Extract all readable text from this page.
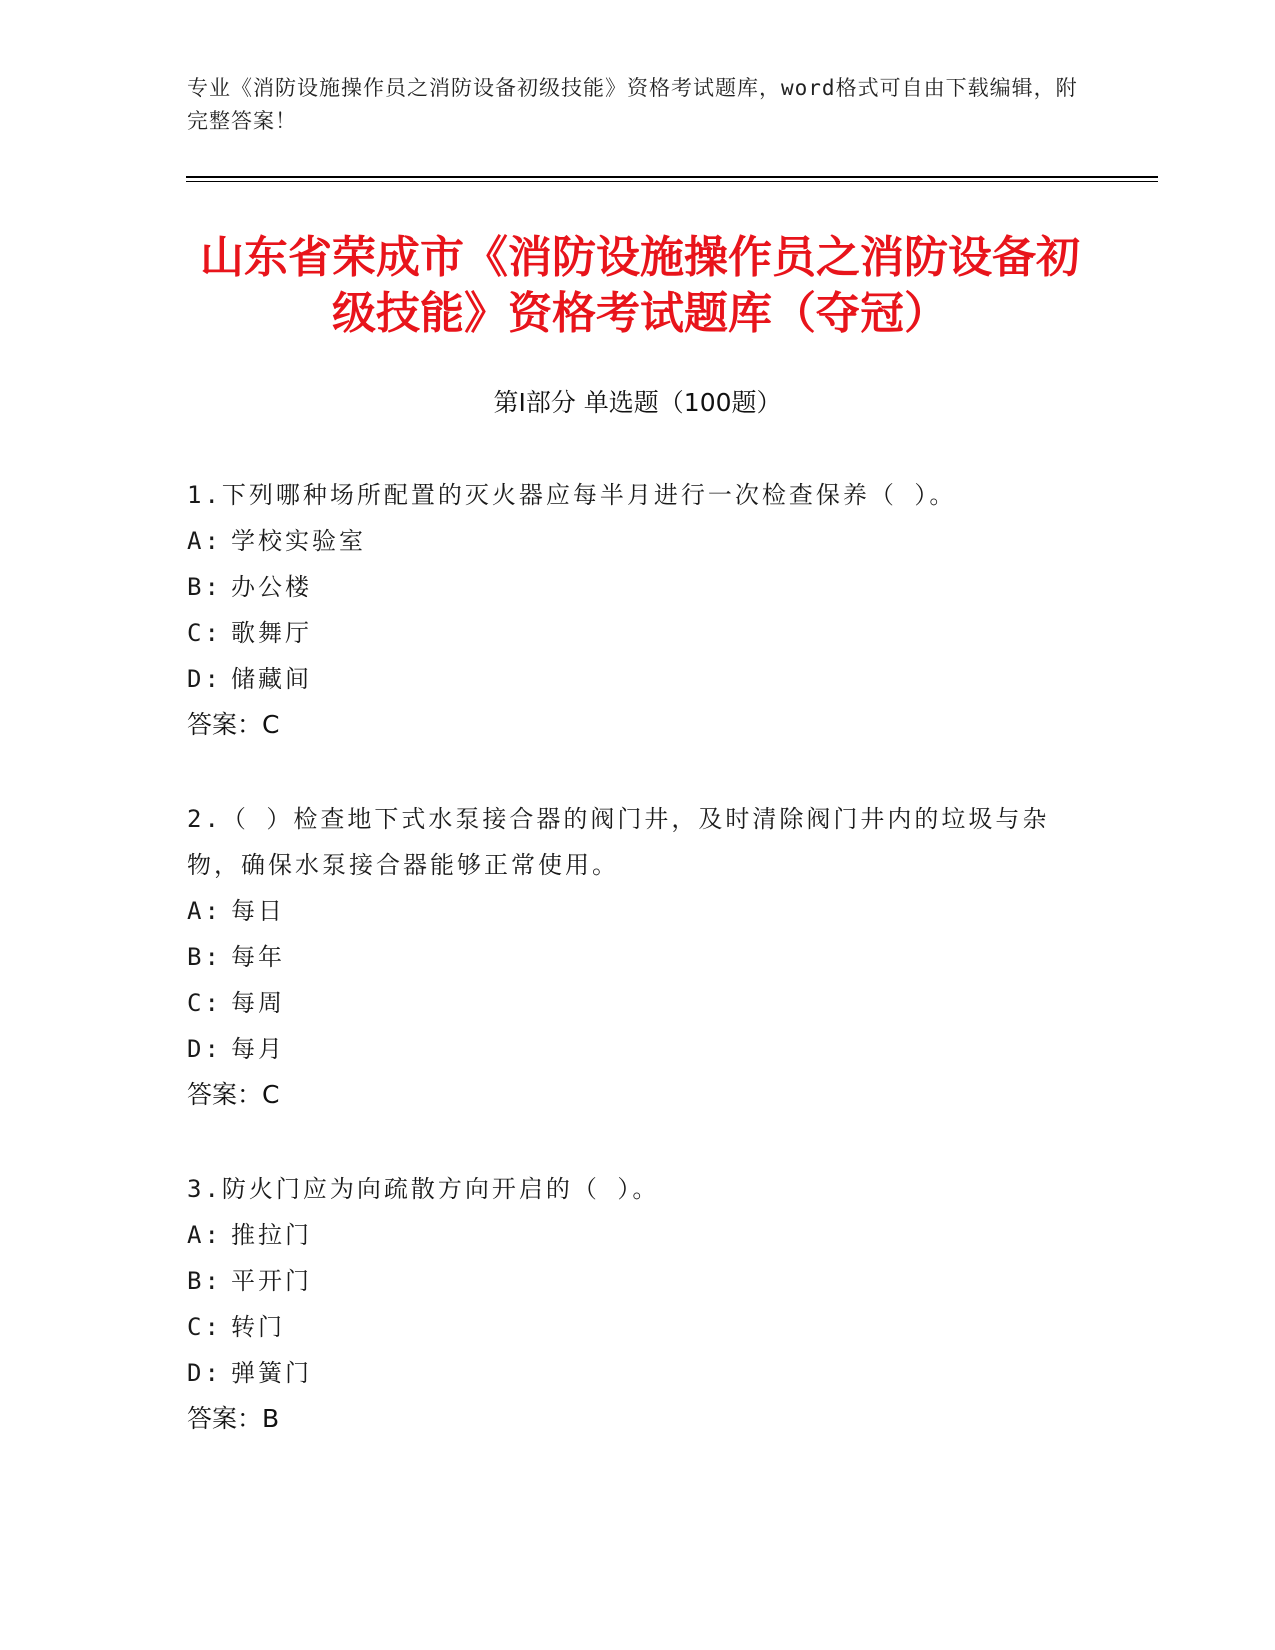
专业《消防设施操作员之消防设备初级技能》资格考试题库，word格式可自由下载编辑，附完整答案！
山东省荣成市《消防设施操作员之消防设备初级技能》资格考试题库（夺冠）
第Ⅰ部分 单选题（100题）
1.下列哪种场所配置的灭火器应每半月进行一次检查保养（ ）。
A: 学校实验室
B: 办公楼
C: 歌舞厅
D: 储藏间
答案：C
2.（ ）检查地下式水泵接合器的阀门井，及时清除阀门井内的垃圾与杂物，确保水泵接合器能够正常使用。
A: 每日
B: 每年
C: 每周
D: 每月
答案：C
3.防火门应为向疏散方向开启的（ ）。
A: 推拉门
B: 平开门
C: 转门
D: 弹簧门
答案：B
